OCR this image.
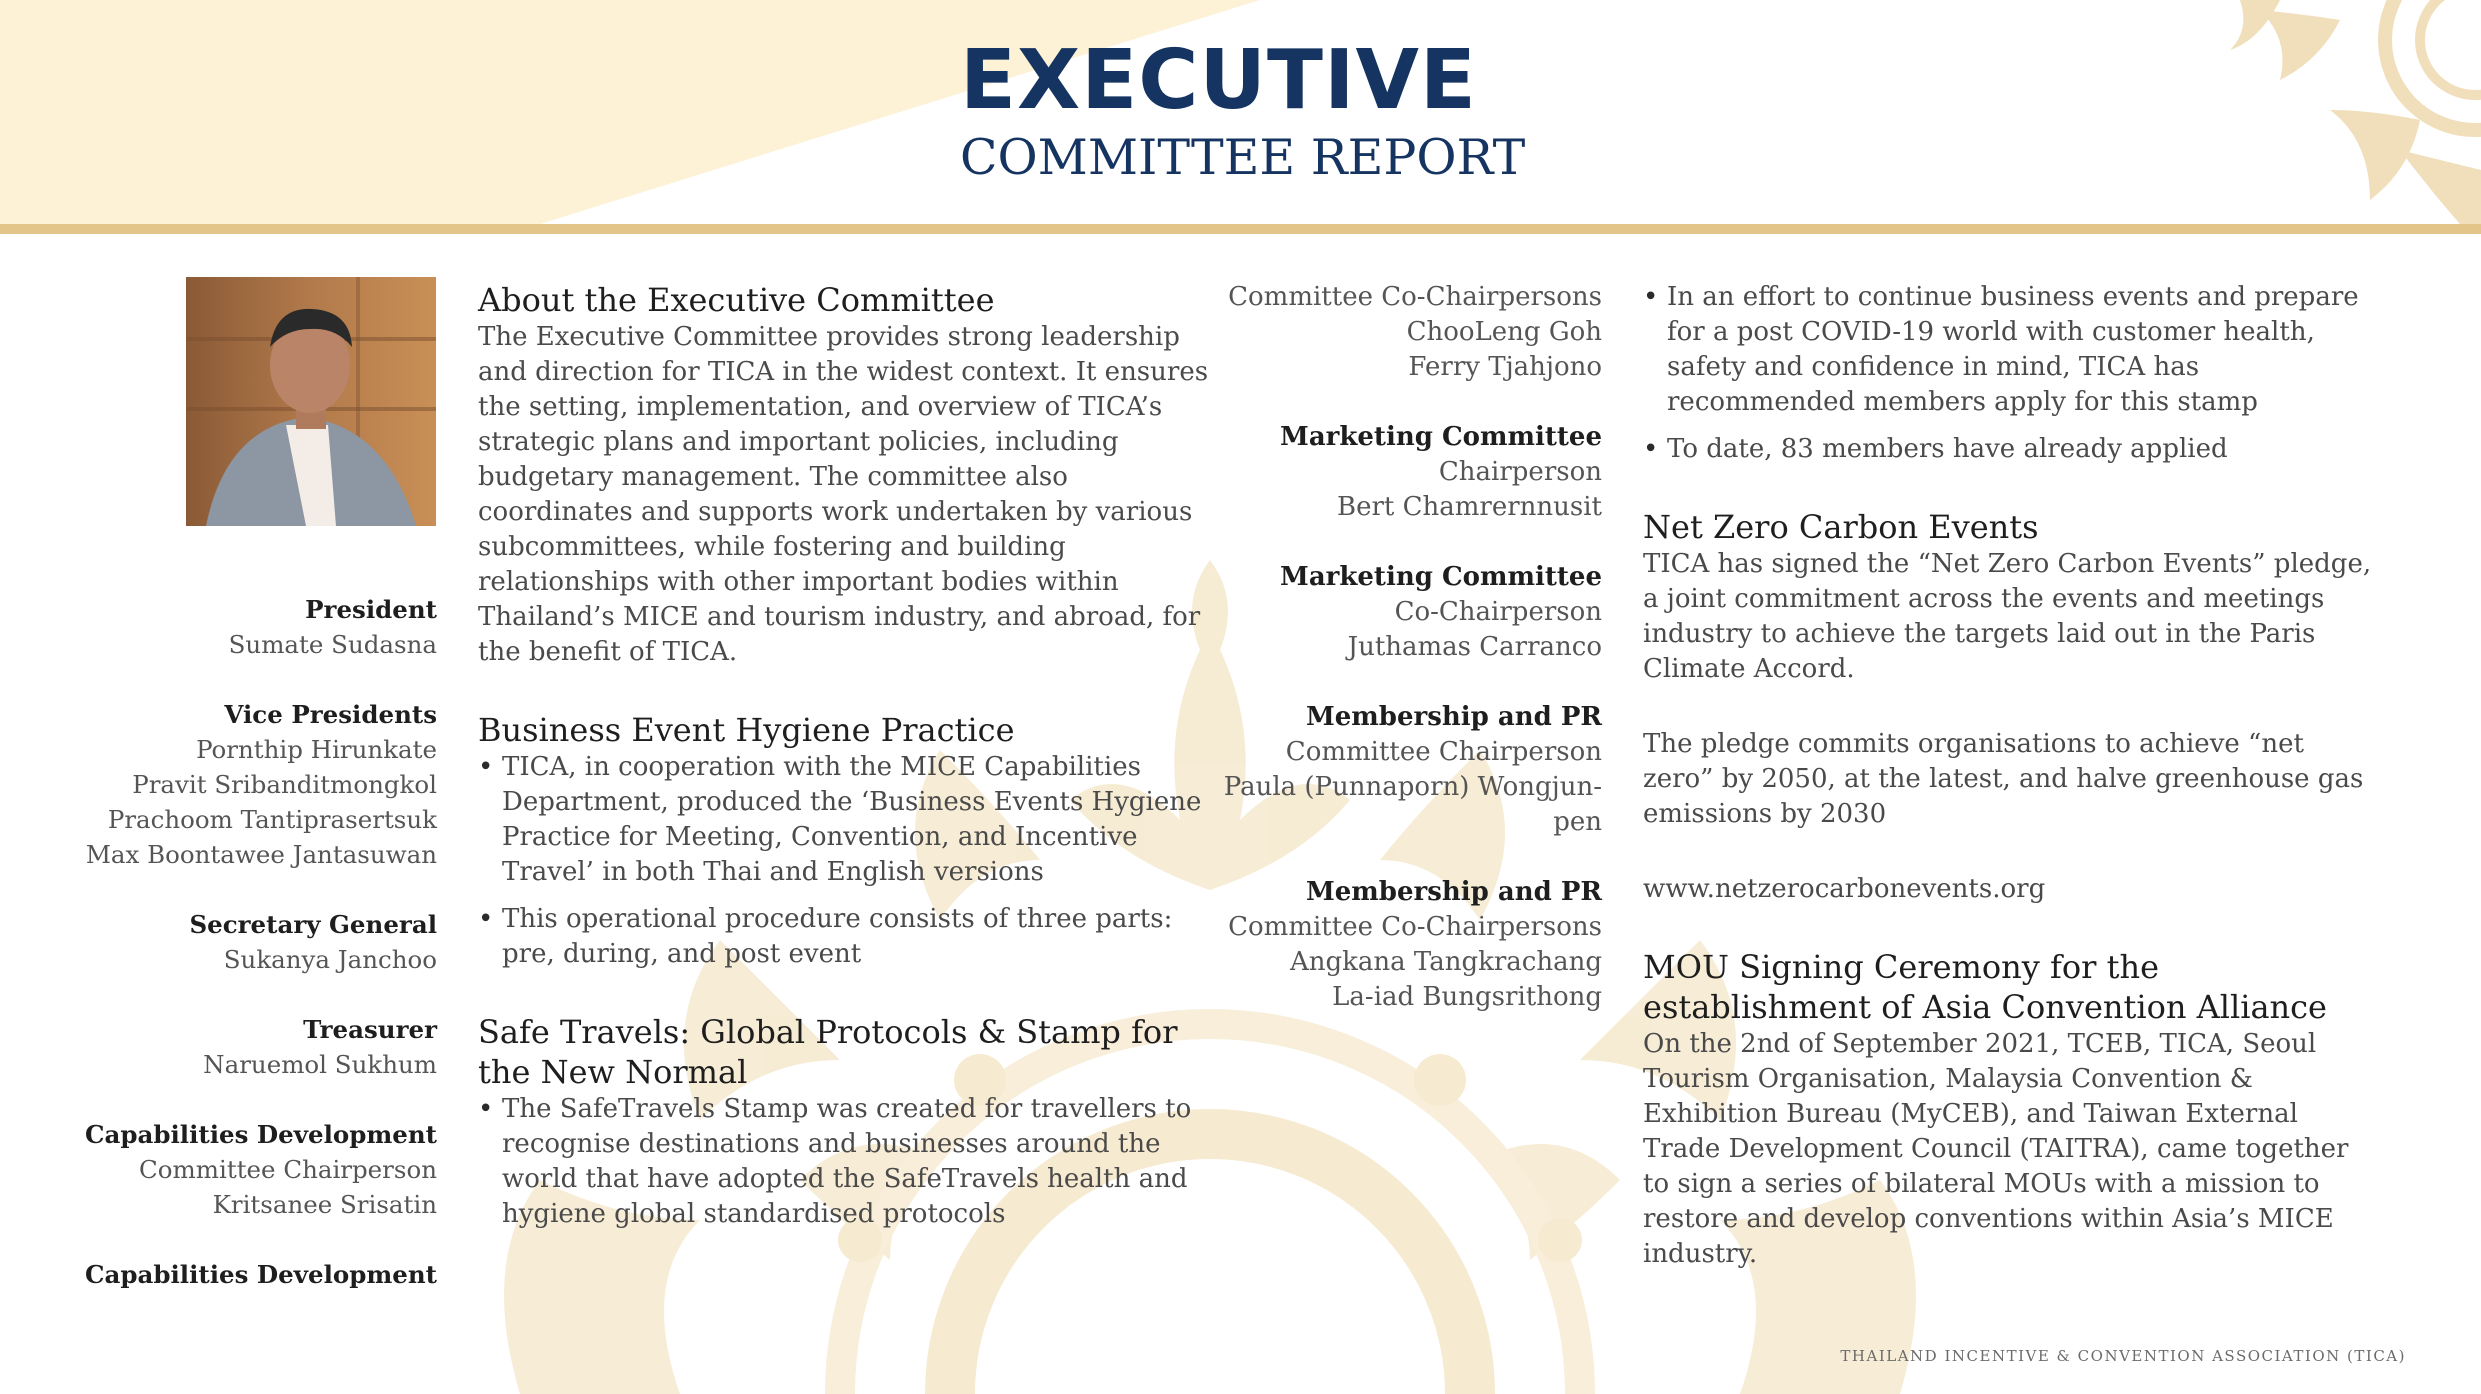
EXECUTIVE
COMMITTEE REPORT
President
Sumate Sudasna
Vice Presidents
Pornthip Hirunkate
Pravit Sribanditmongkol
Prachoom Tantiprasertsuk
Max Boontawee Jantasuwan
Secretary General
Sukanya Janchoo
Treasurer
Naruemol Sukhum
Capabilities Development
Committee Chairperson
Kritsanee Srisatin
Capabilities Development
About the Executive Committee

The Executive Committee provides strong leadership and direction for TICA in the widest context. It ensures the setting, implementation, and overview of TICA’s strategic plans and important policies, including budgetary management. The committee also coordinates and supports work undertaken by various subcommittees, while fostering and building relationships with other important bodies within Thailand’s MICE and tourism industry, and abroad, for the benefit of TICA.

Business Event Hygiene Practice
• TICA, in cooperation with the MICE Capabilities Department, produced the ‘Business Events Hygiene Practice for Meeting, Convention, and Incentive Travel’ in both Thai and English versions
• This operational procedure consists of three parts: pre, during, and post event
Safe Travels: Global Protocols & Stamp for the New Normal
• The SafeTravels Stamp was created for travellers to recognise destinations and businesses around the world that have adopted the SafeTravels health and hygiene global standardised protocols
Committee Co-Chairpersons
ChooLeng Goh
Ferry Tjahjono
Marketing Committee
Chairperson
Bert Chamrernnusit
Marketing Committee
Co-Chairperson
Juthamas Carranco
Membership and PR
Committee Chairperson
Paula (Punnaporn) Wongjun-
pen
Membership and PR
Committee Co-Chairpersons
Angkana Tangkrachang
La-iad Bungsrithong
• In an effort to continue business events and prepare for a post COVID-19 world with customer health, safety and confidence in mind, TICA has recommended members apply for this stamp
• To date, 83 members have already applied
Net Zero Carbon Events

TICA has signed the “Net Zero Carbon Events” pledge, a joint commitment across the events and meetings industry to achieve the targets laid out in the Paris Climate Accord.

The pledge commits organisations to achieve “net zero” by 2050, at the latest, and halve greenhouse gas emissions by 2030

www.netzerocarbonevents.org

MOU Signing Ceremony for the establishment of Asia Convention Alliance

On the 2nd of September 2021, TCEB, TICA, Seoul Tourism Organisation, Malaysia Convention & Exhibition Bureau (MyCEB), and Taiwan External Trade Development Council (TAITRA), came together to sign a series of bilateral MOUs with a mission to restore and develop conventions within Asia’s MICE industry.

THAILAND INCENTIVE & CONVENTION ASSOCIATION (TICA)
